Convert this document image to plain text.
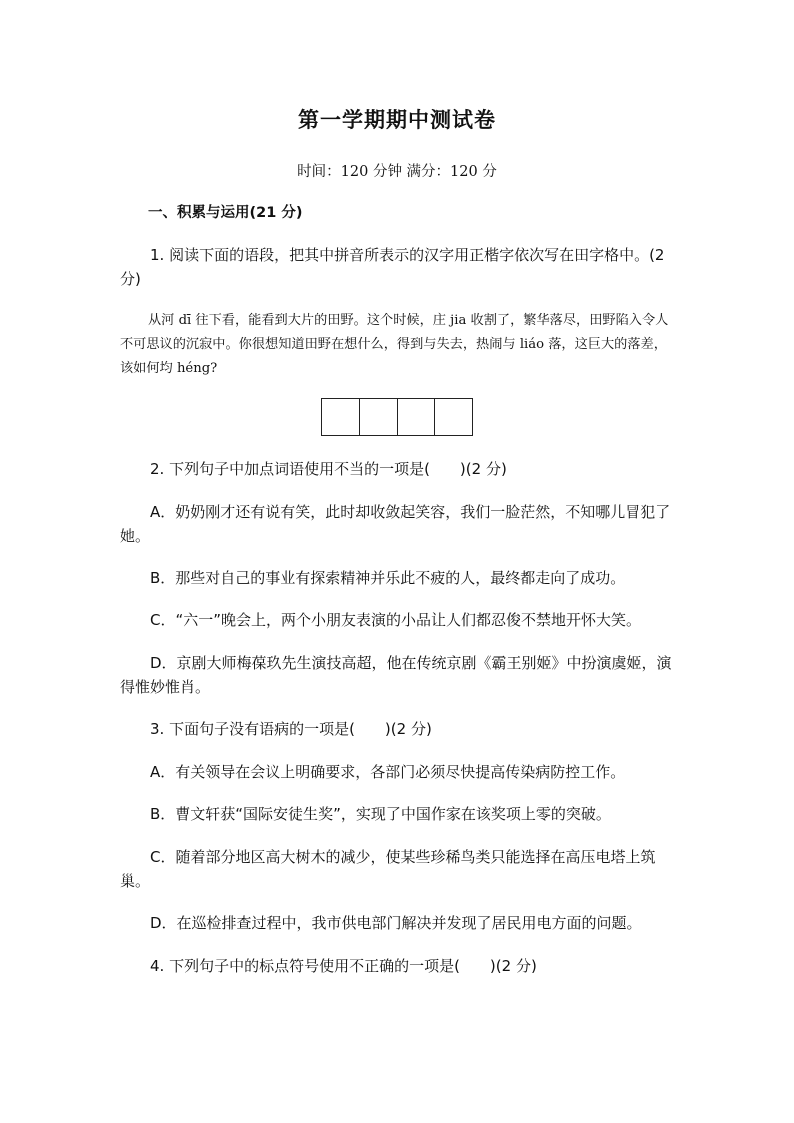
第一学期期中测试卷
时间：120 分钟 满分：120 分
一、积累与运用(21 分)
1. 阅读下面的语段，把其中拼音所表示的汉字用正楷字依次写在田字格中。(2 分)
从河 dī 往下看，能看到大片的田野。这个时候，庄 jia 收割了，繁华落尽，田野陷入令人不可思议的沉寂中。你很想知道田野在想什么，得到与失去，热闹与 liáo 落，这巨大的落差，该如何均 héng?
2. 下列句子中加点词语使用不当的一项是(　　)(2 分)
A．奶奶刚才还有说有笑，此时却收敛起笑容，我们一脸茫然，不知哪儿冒犯了她。
B．那些对自己的事业有探索精神并乐此不疲的人，最终都走向了成功。
C．“六一”晚会上，两个小朋友表演的小品让人们都忍俊不禁地开怀大笑。
D．京剧大师梅葆玖先生演技高超，他在传统京剧《霸王别姬》中扮演虞姬，演得惟妙惟肖。
3. 下面句子没有语病的一项是(　　)(2 分)
A．有关领导在会议上明确要求，各部门必须尽快提高传染病防控工作。
B．曹文轩获“国际安徒生奖”，实现了中国作家在该奖项上零的突破。
C．随着部分地区高大树木的减少，使某些珍稀鸟类只能选择在高压电塔上筑巢。
D．在巡检排查过程中，我市供电部门解决并发现了居民用电方面的问题。
4. 下列句子中的标点符号使用不正确的一项是(　　)(2 分)
